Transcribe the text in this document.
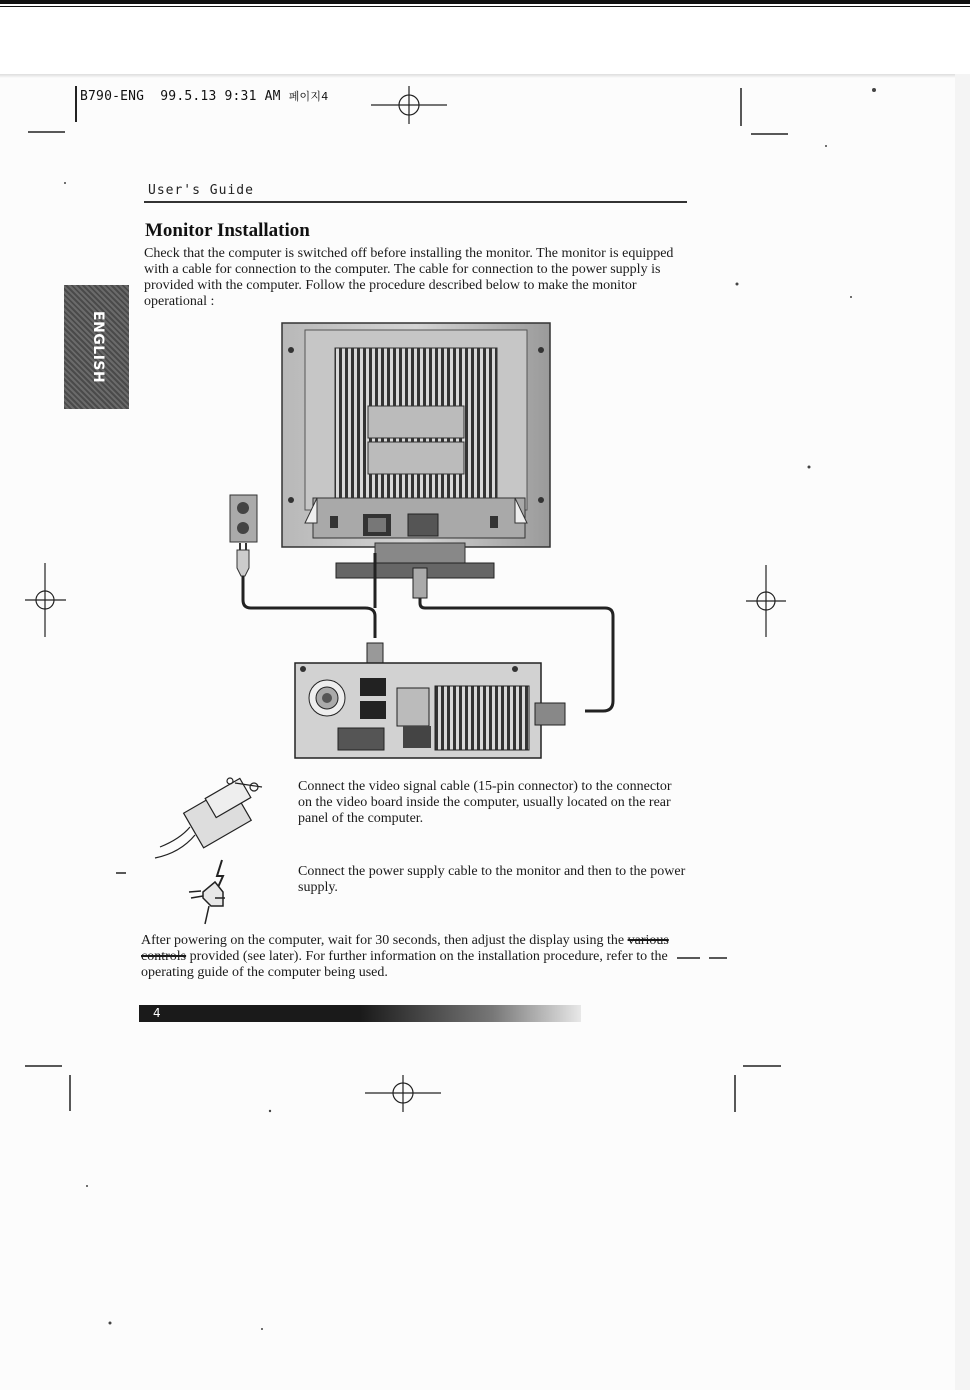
B790-ENG 99.5.13 9:31 AM 페이지4
ENGLISH
User's Guide
Monitor Installation
Check that the computer is switched off before installing the monitor. The monitor is equipped with a cable for connection to the computer. The cable for connection to the power supply is provided with the computer. Follow the procedure described below to make the monitor operational :
Connect the video signal cable (15-pin connector) to the connector on the video board inside the computer, usually located on the rear panel of the computer.
Connect the power supply cable to the monitor and then to the power supply.
After powering on the computer, wait for 30 seconds, then adjust the display using the various controls provided (see later). For further information on the installation procedure, refer to the operating guide of the computer being used.
4
